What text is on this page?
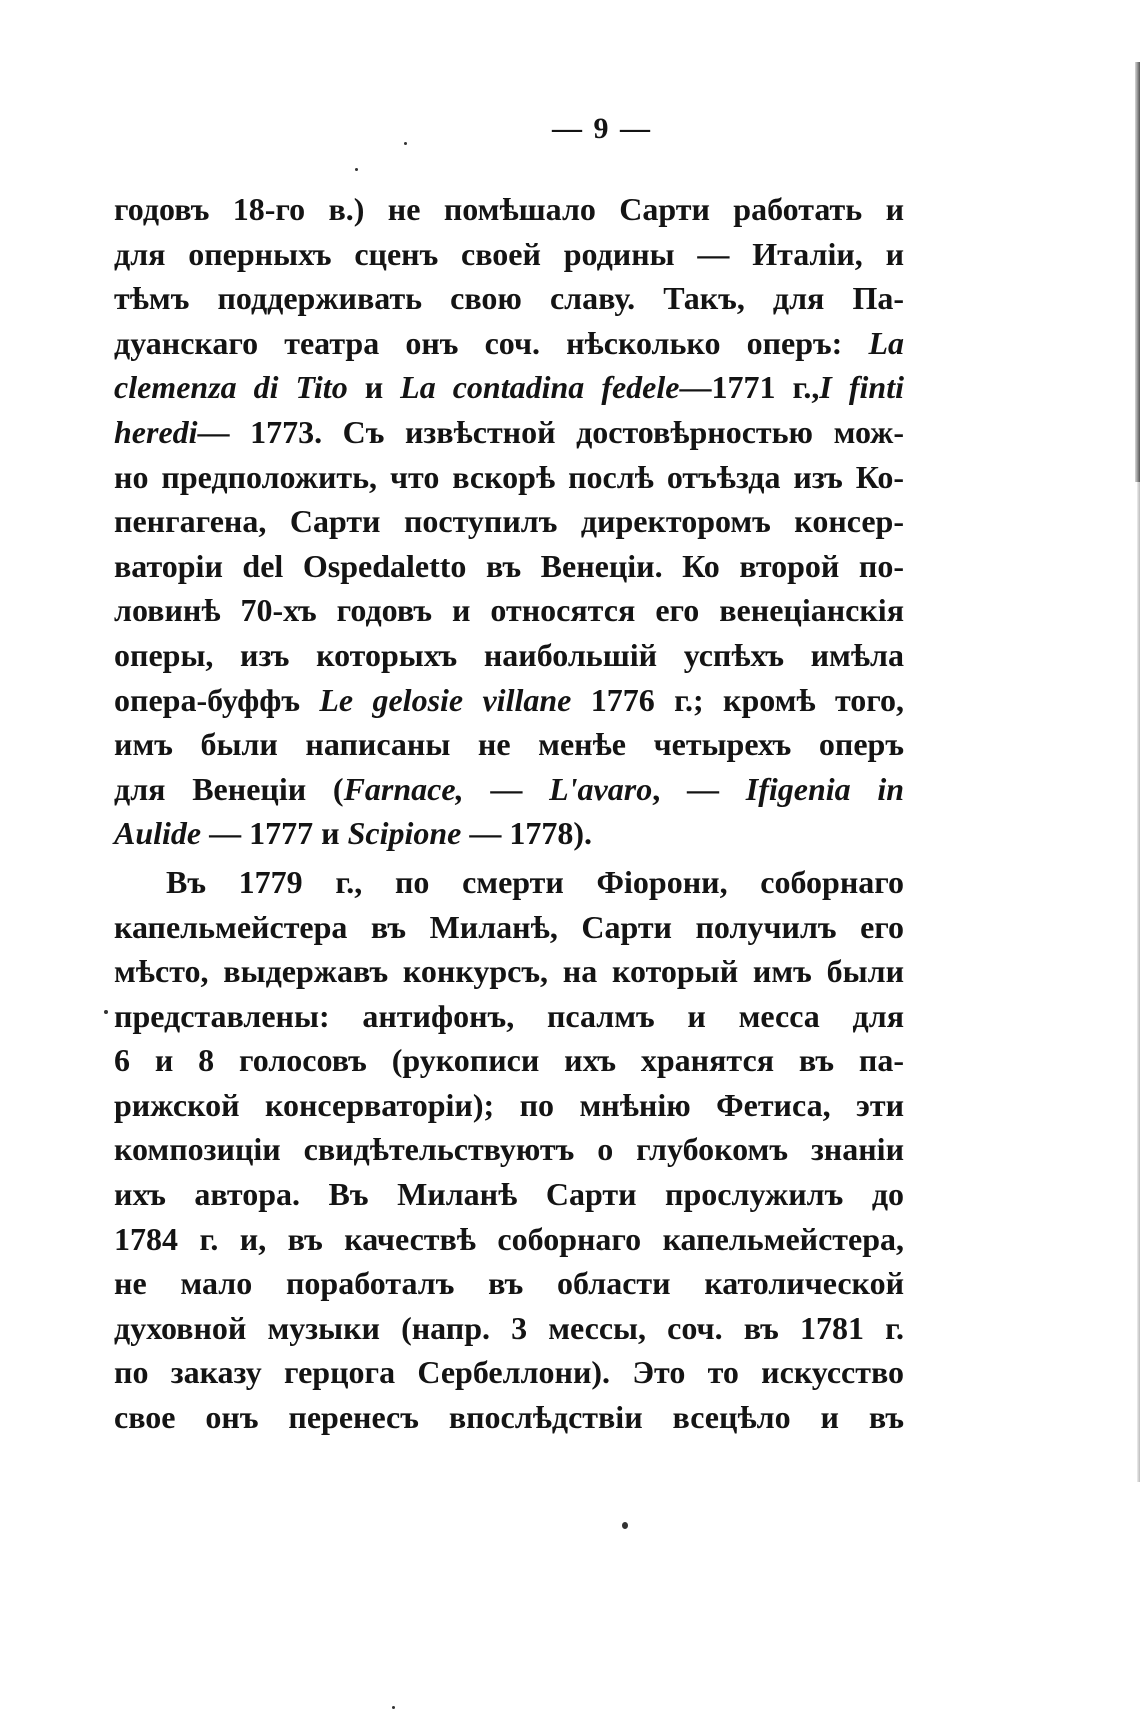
— 9 —
годовъ 18-го в.) не помѣшало Сарти работать и
для оперныхъ сценъ своей родины — Италіи, и
тѣмъ поддерживать свою славу. Такъ, для Па-
дуанскаго театра онъ соч. нѣсколько оперъ: La
clemenza di Tito и La contadina fedele—1771 г.,I finti
heredi— 1773. Съ извѣстной достовѣрностью мож-
но предположить, что вскорѣ послѣ отъѣзда изъ Ко-
пенгагена, Сарти поступилъ директоромъ консер-
ваторіи del Ospedaletto въ Венеціи. Ко второй по-
ловинѣ 70-хъ годовъ и относятся его венеціанскія
оперы, изъ которыхъ наибольшій успѣхъ имѣла
опера-буффъ Le gelosie villane 1776 г.; кромѣ того,
имъ были написаны не менѣе четырехъ оперъ
для Венеціи (Farnace, — L'avaro, — Ifigenia in
Aulide — 1777 и Scipione — 1778).
Въ 1779 г., по смерти Фіорони, соборнаго
капельмейстера въ Миланѣ, Сарти получилъ его
мѣсто, выдержавъ конкурсъ, на который имъ были
представлены: антифонъ, псалмъ и месса для
6 и 8 голосовъ (рукописи ихъ хранятся въ па-
рижской консерваторіи); по мнѣнію Фетиса, эти
композиціи свидѣтельствуютъ о глубокомъ знаніи
ихъ автора. Въ Миланѣ Сарти прослужилъ до
1784 г. и, въ качествѣ соборнаго капельмейстера,
не мало поработалъ въ области католической
духовной музыки (напр. 3 мессы, соч. въ 1781 г.
по заказу герцога Сербеллони). Это то искусство
свое онъ перенесъ впослѣдствіи всецѣло и въ
